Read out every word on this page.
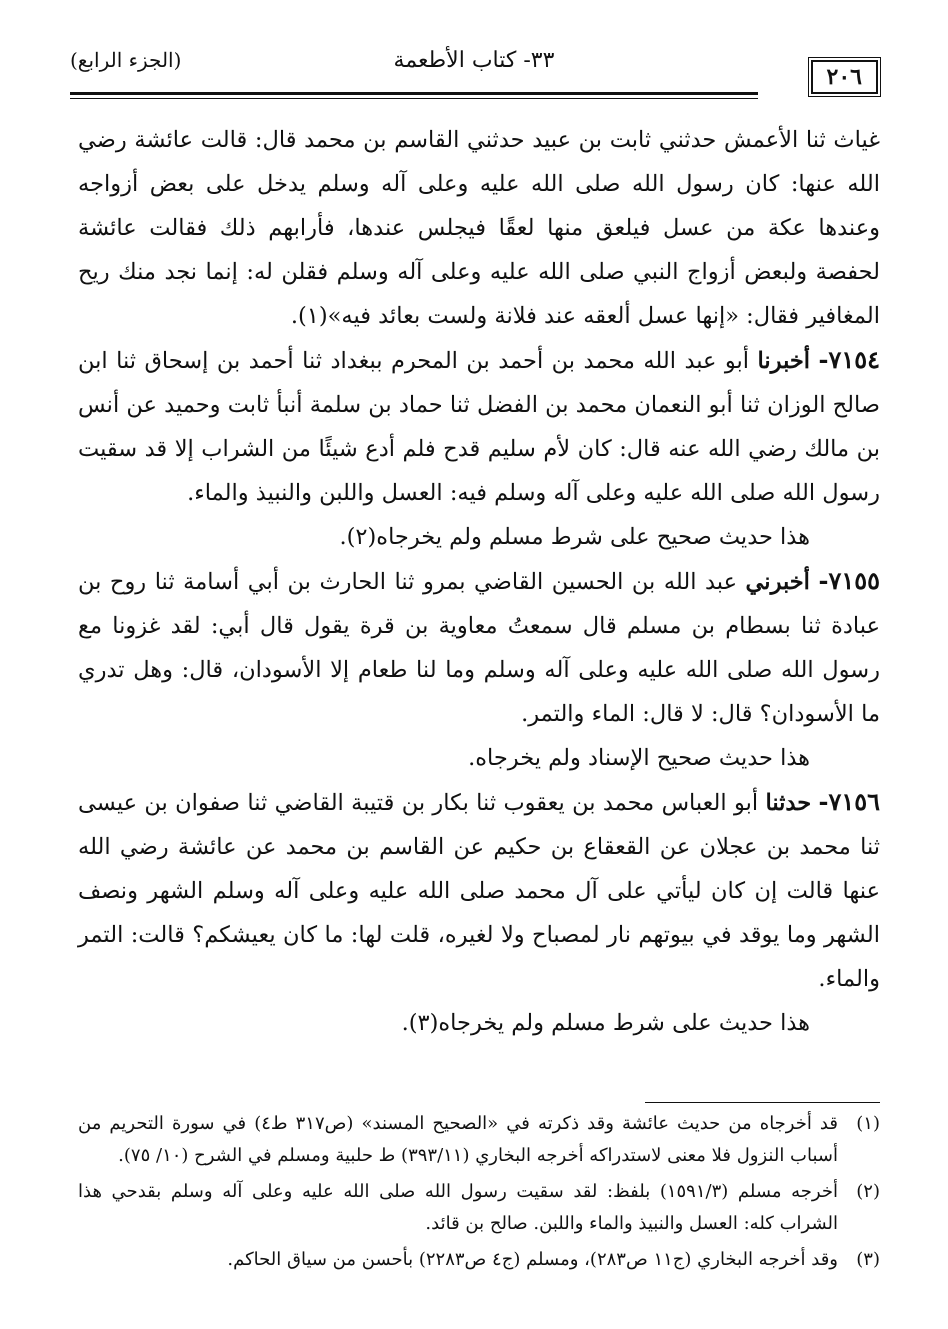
٢٠٦
٣٣- كتاب الأطعمة
(الجزء الرابع)

غياث ثنا الأعمش حدثني ثابت بن عبيد حدثني القاسم بن محمد قال: قالت عائشة رضي الله عنها: كان رسول الله صلى الله عليه وعلى آله وسلم يدخل على بعض أزواجه وعندها عكة من عسل فيلعق منها لعقًا فيجلس عندها، فأرابهم ذلك فقالت عائشة لحفصة ولبعض أزواج النبي صلى الله عليه وعلى آله وسلم فقلن له: إنما نجد منك ريح المغافير فقال: «إنها عسل ألعقه عند فلانة ولست بعائد فيه»(١).

٧١٥٤- أخبرنا أبو عبد الله محمد بن أحمد بن المحرم ببغداد ثنا أحمد بن إسحاق ثنا ابن صالح الوزان ثنا أبو النعمان محمد بن الفضل ثنا حماد بن سلمة أنبأ ثابت وحميد عن أنس بن مالك رضي الله عنه قال: كان لأم سليم قدح فلم أدع شيئًا من الشراب إلا قد سقيت رسول الله صلى الله عليه وعلى آله وسلم فيه: العسل واللبن والنبيذ والماء.

هذا حديث صحيح على شرط مسلم ولم يخرجاه(٢).

٧١٥٥- أخبرني عبد الله بن الحسين القاضي بمرو ثنا الحارث بن أبي أسامة ثنا روح بن عبادة ثنا بسطام بن مسلم قال سمعتُ معاوية بن قرة يقول قال أبي: لقد غزونا مع رسول الله صلى الله عليه وعلى آله وسلم وما لنا طعام إلا الأسودان، قال: وهل تدري ما الأسودان؟ قال: لا قال: الماء والتمر.

هذا حديث صحيح الإسناد ولم يخرجاه.

٧١٥٦- حدثنا أبو العباس محمد بن يعقوب ثنا بكار بن قتيبة القاضي ثنا صفوان بن عيسى ثنا محمد بن عجلان عن القعقاع بن حكيم عن القاسم بن محمد عن عائشة رضي الله عنها قالت إن كان ليأتي على آل محمد صلى الله عليه وعلى آله وسلم الشهر ونصف الشهر وما يوقد في بيوتهم نار لمصباح ولا لغيره، قلت لها: ما كان يعيشكم؟ قالت: التمر والماء.

هذا حديث على شرط مسلم ولم يخرجاه(٣).

(١)
قد أخرجاه من حديث عائشة وقد ذكرته في «الصحيح المسند» (ص٣١٧ ط٤) في سورة التحريم من أسباب النزول فلا معنى لاستدراكه أخرجه البخاري (٣٩٣/١١) ط حلبية ومسلم في الشرح (١٠/ ٧٥).
(٢)
أخرجه مسلم (١٥٩١/٣) بلفظ: لقد سقيت رسول الله صلى الله عليه وعلى آله وسلم بقدحي هذا الشراب كله: العسل والنبيذ والماء واللبن. صالح بن قائد.
(٣)
وقد أخرجه البخاري (ج١١ ص٢٨٣)، ومسلم (ج٤ ص٢٢٨٣) بأحسن من سياق الحاكم.
